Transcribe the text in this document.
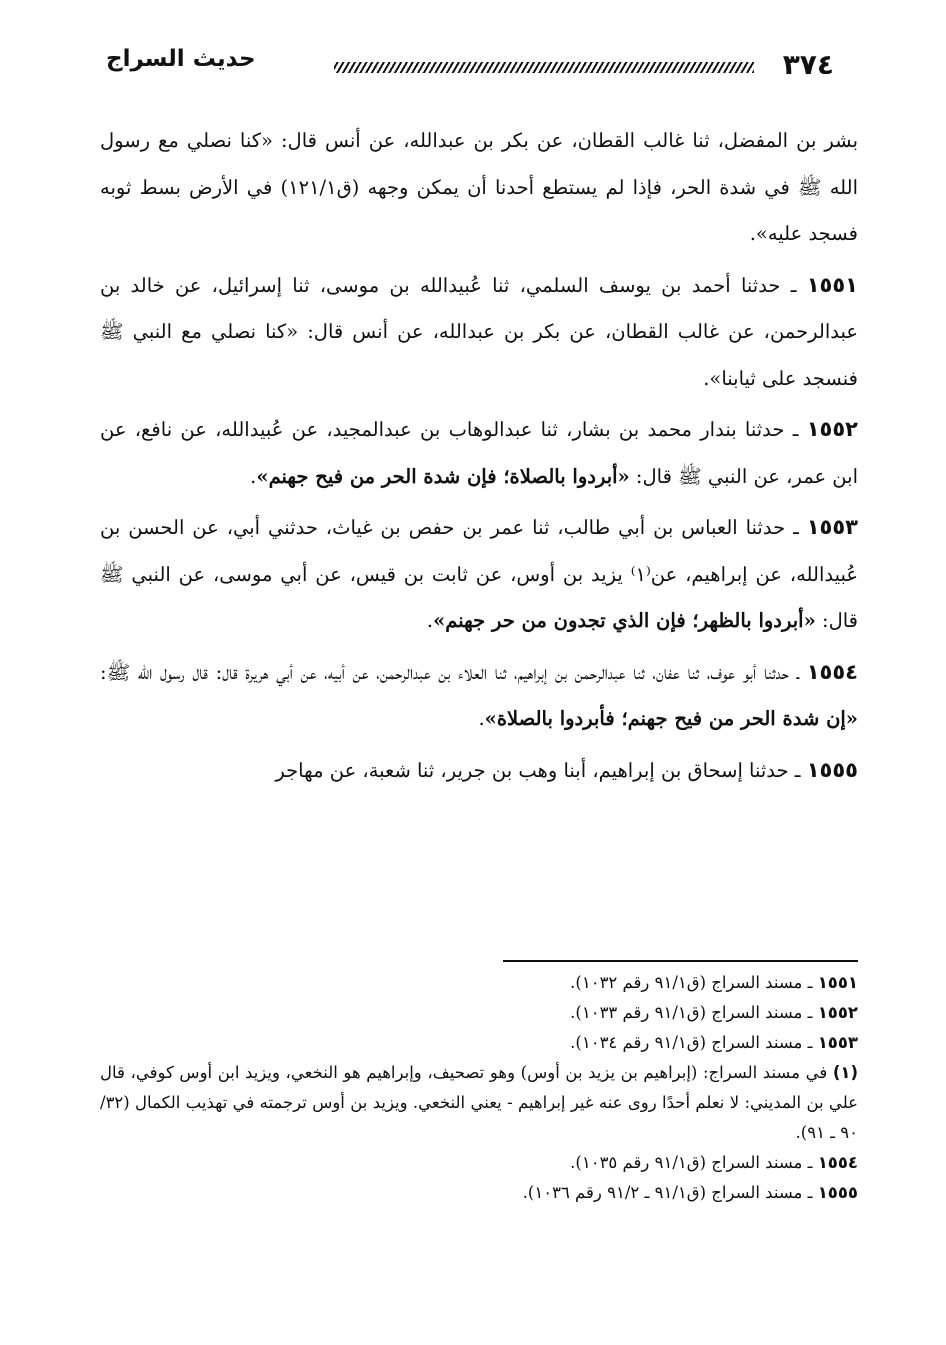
٣٧٤
حديث السراج

بشر بن المفضل، ثنا غالب القطان، عن بكر بن عبدالله، عن أنس قال: «كنا نصلي مع رسول الله ﷺ في شدة الحر، فإذا لم يستطع أحدنا أن يمكن وجهه (ق١٢١/١) في الأرض بسط ثوبه فسجد عليه».

١٥٥١ ـ حدثنا أحمد بن يوسف السلمي، ثنا عُبيدالله بن موسى، ثنا إسرائيل، عن خالد بن عبدالرحمن، عن غالب القطان، عن بكر بن عبدالله، عن أنس قال: «كنا نصلي مع النبي ﷺ فنسجد على ثيابنا».

١٥٥٢ ـ حدثنا بندار محمد بن بشار، ثنا عبدالوهاب بن عبدالمجيد، عن عُبيدالله، عن نافع، عن ابن عمر، عن النبي ﷺ قال: «أبردوا بالصلاة؛ فإن شدة الحر من فيح جهنم».

١٥٥٣ ـ حدثنا العباس بن أبي طالب، ثنا عمر بن حفص بن غياث، حدثني أبي، عن الحسن بن عُبيدالله، عن إبراهيم، عن⁽١⁾ يزيد بن أوس، عن ثابت بن قيس، عن أبي موسى، عن النبي ﷺ قال: «أبردوا بالظهر؛ فإن الذي تجدون من حر جهنم».

١٥٥٤ ـ حدثنا أبو عوف، ثنا عفان، ثنا عبدالرحمن بن إبراهيم، ثنا العلاء بن عبدالرحمن، عن أبيه، عن أبي هريرة قال: قال رسول الله ﷺ: «إن شدة الحر من فيح جهنم؛ فأبردوا بالصلاة».

١٥٥٥ ـ حدثنا إسحاق بن إبراهيم، أبنا وهب بن جرير، ثنا شعبة، عن مهاجر

١٥٥١ ـ مسند السراج (ق٩١/١ رقم ١٠٣٢).

١٥٥٢ ـ مسند السراج (ق٩١/١ رقم ١٠٣٣).

١٥٥٣ ـ مسند السراج (ق٩١/١ رقم ١٠٣٤).

(١) في مسند السراج: (إبراهيم بن يزيد بن أوس) وهو تصحيف، وإبراهيم هو النخعي، ويزيد ابن أوس كوفي، قال علي بن المديني: لا نعلم أحدًا روى عنه غير إبراهيم - يعني النخعي. ويزيد بن أوس ترجمته في تهذيب الكمال (٣٢/ ٩٠ ـ ٩١).

١٥٥٤ ـ مسند السراج (ق٩١/١ رقم ١٠٣٥).

١٥٥٥ ـ مسند السراج (ق٩١/١ ـ ٩١/٢ رقم ١٠٣٦).
